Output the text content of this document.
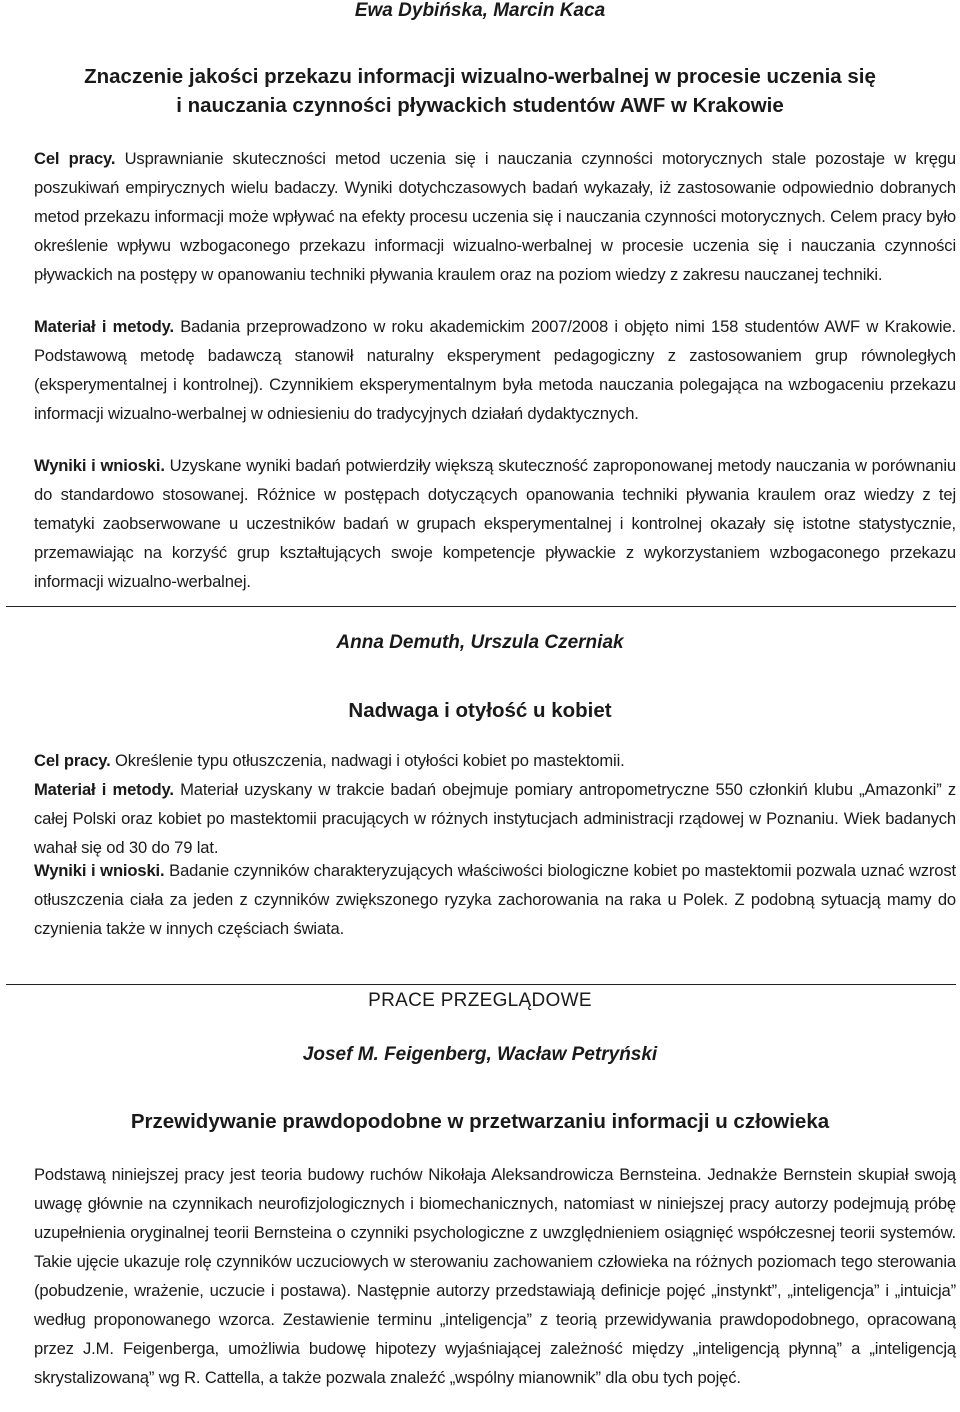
Ewa Dybińska, Marcin Kaca
Znaczenie jakości przekazu informacji wizualno-werbalnej w procesie uczenia się
i nauczania czynności pływackich studentów AWF w Krakowie
Cel pracy. Usprawnianie skuteczności metod uczenia się i nauczania czynności motorycznych stale pozostaje w kręgu poszukiwań empirycznych wielu badaczy. Wyniki dotychczasowych badań wykazały, iż zastosowanie odpowiednio dobranych metod przekazu informacji może wpływać na efekty procesu uczenia się i nauczania czynności motorycznych. Celem pracy było określenie wpływu wzbogaconego przekazu informacji wizualno-werbalnej w procesie uczenia się i nauczania czynności pływackich na postępy w opanowaniu techniki pływania kraulem oraz na poziom wiedzy z zakresu nauczanej techniki.
Materiał i metody. Badania przeprowadzono w roku akademickim 2007/2008 i objęto nimi 158 studentów AWF w Krakowie. Podstawową metodę badawczą stanowił naturalny eksperyment pedagogiczny z zastosowaniem grup równoległych (eksperymentalnej i kontrolnej). Czynnikiem eksperymentalnym była metoda nauczania polegająca na wzbogaceniu przekazu informacji wizualno-werbalnej w odniesieniu do tradycyjnych działań dydaktycznych.
Wyniki i wnioski. Uzyskane wyniki badań potwierdziły większą skuteczność zaproponowanej metody nauczania w porównaniu do standardowo stosowanej. Różnice w postępach dotyczących opanowania techniki pływania kraulem oraz wiedzy z tej tematyki zaobserwowane u uczestników badań w grupach eksperymentalnej i kontrolnej okazały się istotne statystycznie, przemawiając na korzyść grup kształtujących swoje kompetencje pływackie z wykorzystaniem wzbogaconego przekazu informacji wizualno-werbalnej.
Anna Demuth, Urszula Czerniak
Nadwaga i otyłość u kobiet
Cel pracy. Określenie typu otłuszczenia, nadwagi i otyłości kobiet po mastektomii.
Materiał i metody. Materiał uzyskany w trakcie badań obejmuje pomiary antropometryczne 550 członkiń klubu „Amazonki” z całej Polski oraz kobiet po mastektomii pracujących w różnych instytucjach administracji rządowej w Poznaniu. Wiek badanych wahał się od 30 do 79 lat.
Wyniki i wnioski. Badanie czynników charakteryzujących właściwości biologiczne kobiet po mastektomii pozwala uznać wzrost otłuszczenia ciała za jeden z czynników zwiększonego ryzyka zachorowania na raka u Polek. Z podobną sytuacją mamy do czynienia także w innych częściach świata.
PRACE PRZEGLĄDOWE
Josef M. Feigenberg, Wacław Petryński
Przewidywanie prawdopodobne w przetwarzaniu informacji u człowieka
Podstawą niniejszej pracy jest teoria budowy ruchów Nikołaja Aleksandrowicza Bernsteina. Jednakże Bernstein skupiał swoją uwagę głównie na czynnikach neurofizjologicznych i biomechanicznych, natomiast w niniejszej pracy autorzy podejmują próbę uzupełnienia oryginalnej teorii Bernsteina o czynniki psychologiczne z uwzględnieniem osiągnięć współczesnej teorii systemów. Takie ujęcie ukazuje rolę czynników uczuciowych w sterowaniu zachowaniem człowieka na różnych poziomach tego sterowania (pobudzenie, wrażenie, uczucie i postawa). Następnie autorzy przedstawiają definicje pojęć „instynkt”, „inteligencja” i „intuicja” według proponowanego wzorca. Zestawienie terminu „inteligencja” z teorią przewidywania prawdopodobnego, opracowaną przez J.M. Feigenberga, umożliwia budowę hipotezy wyjaśniającej zależność między „inteligencją płynną” a „inteligencją skrystalizowaną” wg R. Cattella, a także pozwala znaleźć „wspólny mianownik” dla obu tych pojęć.
